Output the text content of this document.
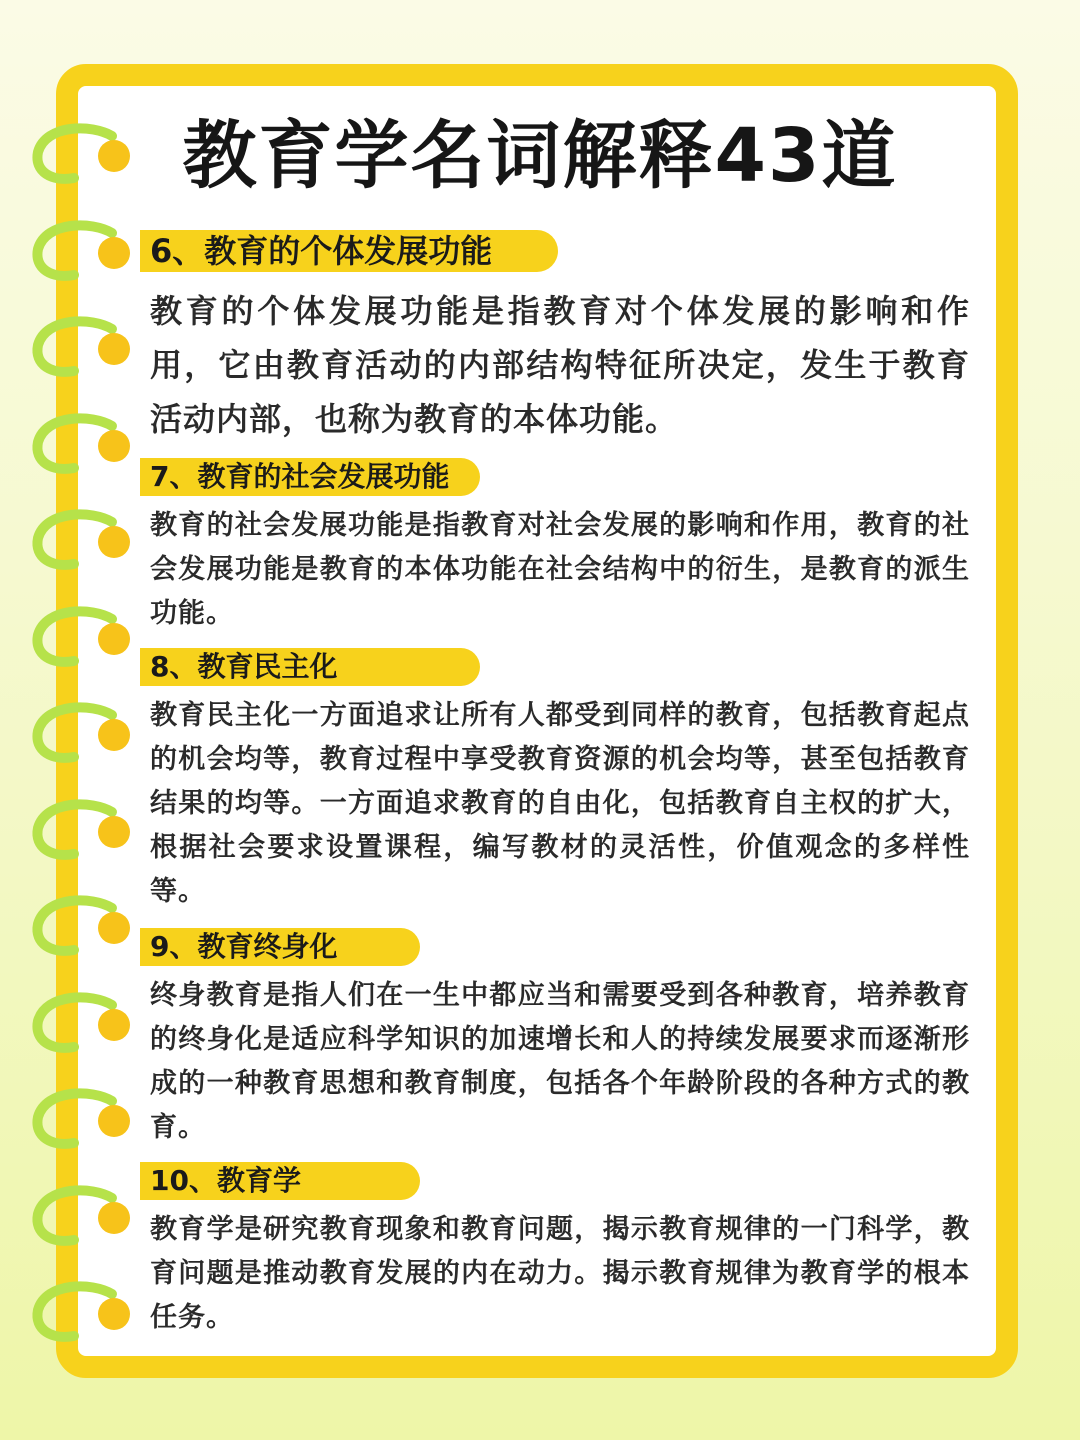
教育学名词解释43道
6、教育的个体发展功能

教育的个体发展功能是指教育对个体发展的影响和作用，它由教育活动的内部结构特征所决定，发生于教育活动内部，也称为教育的本体功能。

7、教育的社会发展功能

教育的社会发展功能是指教育对社会发展的影响和作用，教育的社会发展功能是教育的本体功能在社会结构中的衍生，是教育的派生功能。

8、教育民主化

教育民主化一方面追求让所有人都受到同样的教育，包括教育起点的机会均等，教育过程中享受教育资源的机会均等，甚至包括教育结果的均等。一方面追求教育的自由化，包括教育自主权的扩大，根据社会要求设置课程，编写教材的灵活性，价值观念的多样性等。

9、教育终身化

终身教育是指人们在一生中都应当和需要受到各种教育，培养教育的终身化是适应科学知识的加速增长和人的持续发展要求而逐渐形成的一种教育思想和教育制度，包括各个年龄阶段的各种方式的教育。

10、教育学

教育学是研究教育现象和教育问题，揭示教育规律的一门科学，教育问题是推动教育发展的内在动力。揭示教育规律为教育学的根本任务。
